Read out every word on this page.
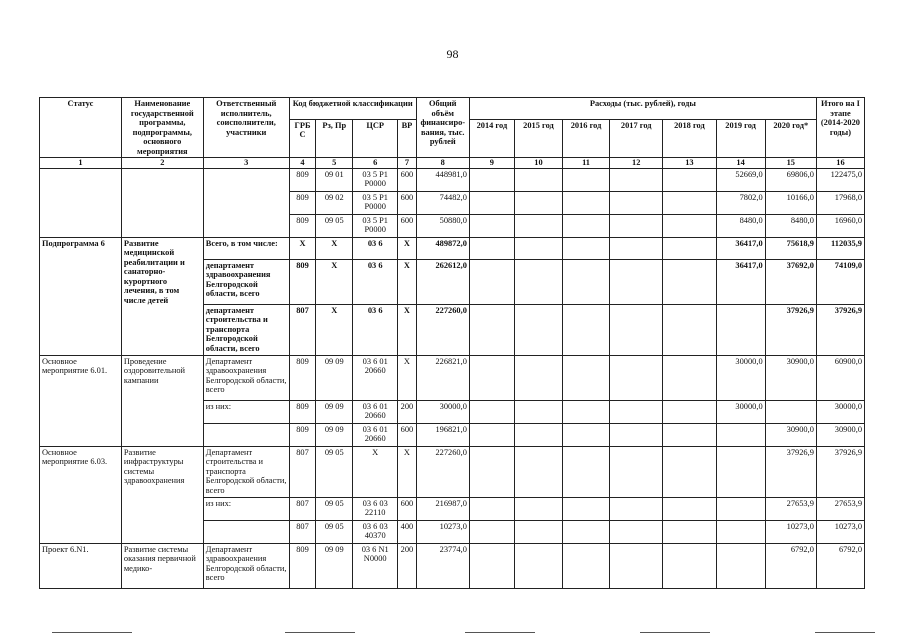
98
Статус	Наименование государственной программы, подпрограммы, основного мероприятия	Ответственный исполнитель, соисполнители, участники	Код бюджетной классификации				Общий объём финансиро-вания, тыс. рублей	Расходы (тыс. рублей), годы							Итого на I этапе (2014-2020 годы)
			ГРБС	Рз, Пр	ЦСР	ВР		2014 год	2015 год	2016 год	2017 год	2018 год	2019 год	2020 год*	
1	2	3	4	5	6	7	8	9	10	11	12	13	14	15	16
			809	09 01	03 5 Р1 Р0000	600	448981,0						52669,0	69806,0	122475,0
			809	09 02	03 5 Р1 Р0000	600	74482,0						7802,0	10166,0	17968,0
			809	09 05	03 5 Р1 Р0000	600	50880,0						8480,0	8480,0	16960,0
Подпрограмма 6	Развитие медицинской реабилитации и санаторно-курортного лечения, в том числе детей	Всего, в том числе:	Х	Х	03 6	Х	489872,0						36417,0	75618,9	112035,9
		департамент здравоохранения Белгородской области, всего	809	Х	03 6	Х	262612,0						36417,0	37692,0	74109,0
		департамент строительства и транспорта Белгородской области, всего	807	Х	03 6	Х	227260,0							37926,9	37926,9
Основное мероприятие 6.01.	Проведение оздоровительной кампании	Департамент здравоохранения Белгородской области, всего	809	09 09	03 6 01 20660	Х	226821,0						30000,0	30900,0	60900,0
		из них:	809	09 09	03 6 01 20660	200	30000,0						30000,0		30000,0
			809	09 09	03 6 01 20660	600	196821,0							30900,0	30900,0
Основное мероприятие 6.03.	Развитие инфраструктуры системы здравоохранения	Департамент строительства и транспорта Белгородской области, всего	807	09 05	Х	Х	227260,0							37926,9	37926,9
		из них:	807	09 05	03 6 03 22110	600	216987,0							27653,9	27653,9
			807	09 05	03 6 03 40370	400	10273,0							10273,0	10273,0
Проект 6.N1.	Развитие системы оказания первичной медико-	Департамент здравоохранения Белгородской области, всего	809	09 09	03 6 N1 N0000	200	23774,0							6792,0	6792,0
